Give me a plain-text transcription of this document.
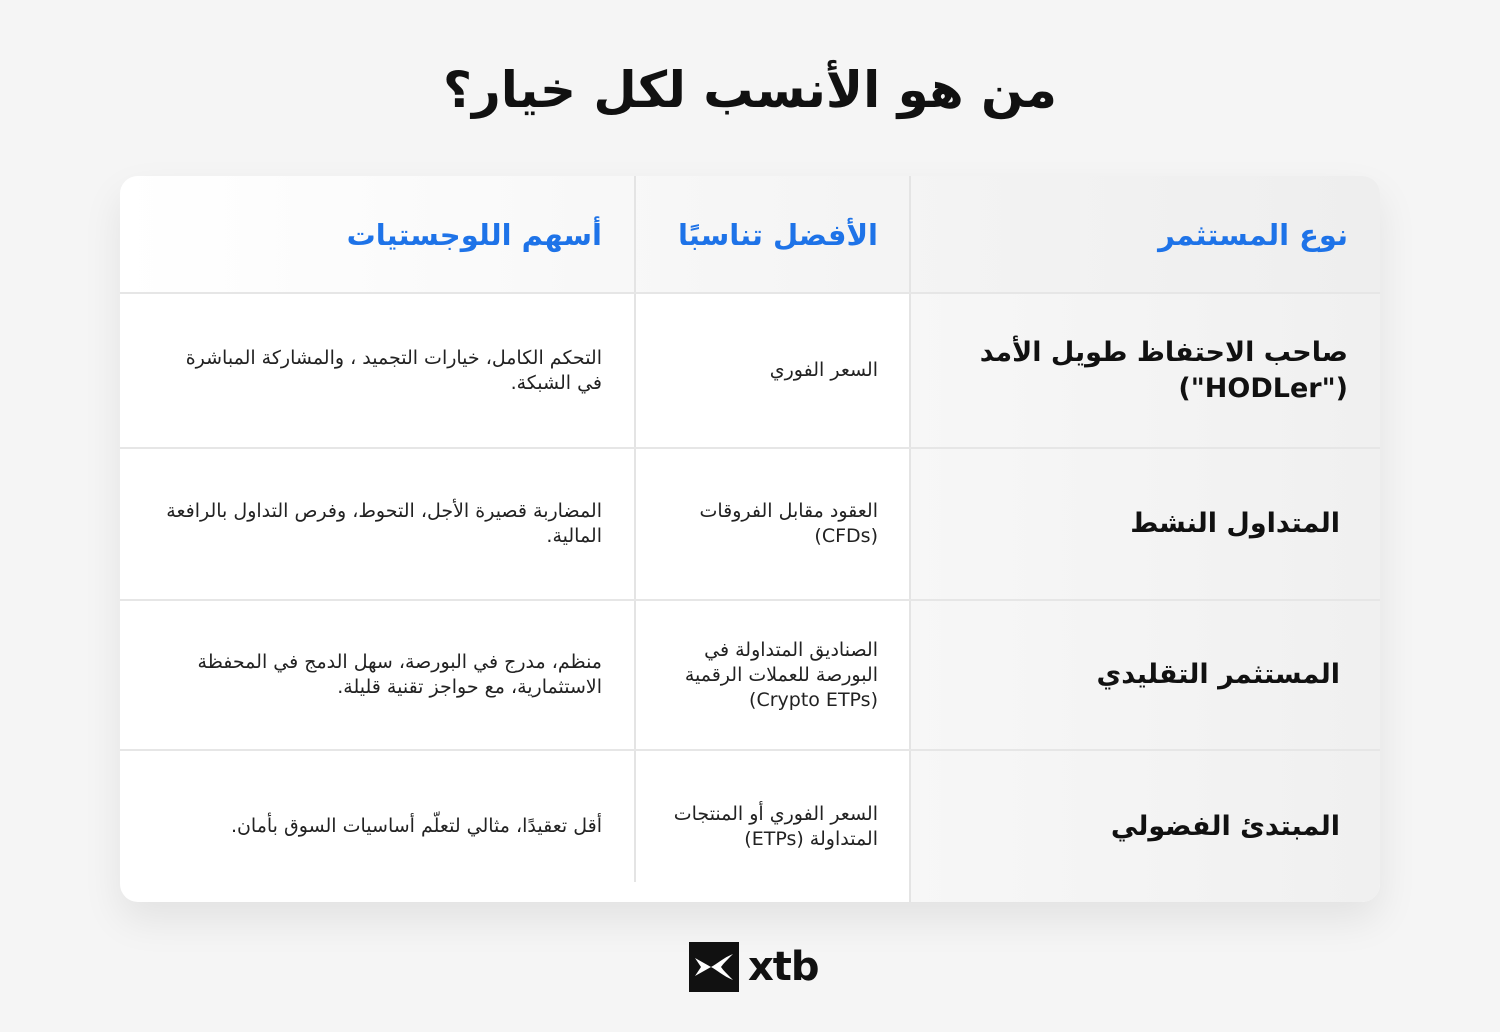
من هو الأنسب لكل خيار؟
نوع المستثمر
الأفضل تناسبًا
أسهم اللوجستيات
صاحب الاحتفاظ طويل الأمد ("HODLer")
السعر الفوري
التحكم الكامل، خيارات التجميد ، والمشاركة المباشرة في الشبكة.
المتداول النشط
العقود مقابل الفروقات (CFDs)
المضاربة قصيرة الأجل، التحوط، وفرص التداول بالرافعة المالية.
المستثمر التقليدي
الصناديق المتداولة في البورصة للعملات الرقمية (Crypto ETPs)
منظم، مدرج في البورصة، سهل الدمج في المحفظة الاستثمارية، مع حواجز تقنية قليلة.
المبتدئ الفضولي
السعر الفوري أو المنتجات المتداولة (ETPs)
أقل تعقيدًا، مثالي لتعلّم أساسيات السوق بأمان.
xtb
